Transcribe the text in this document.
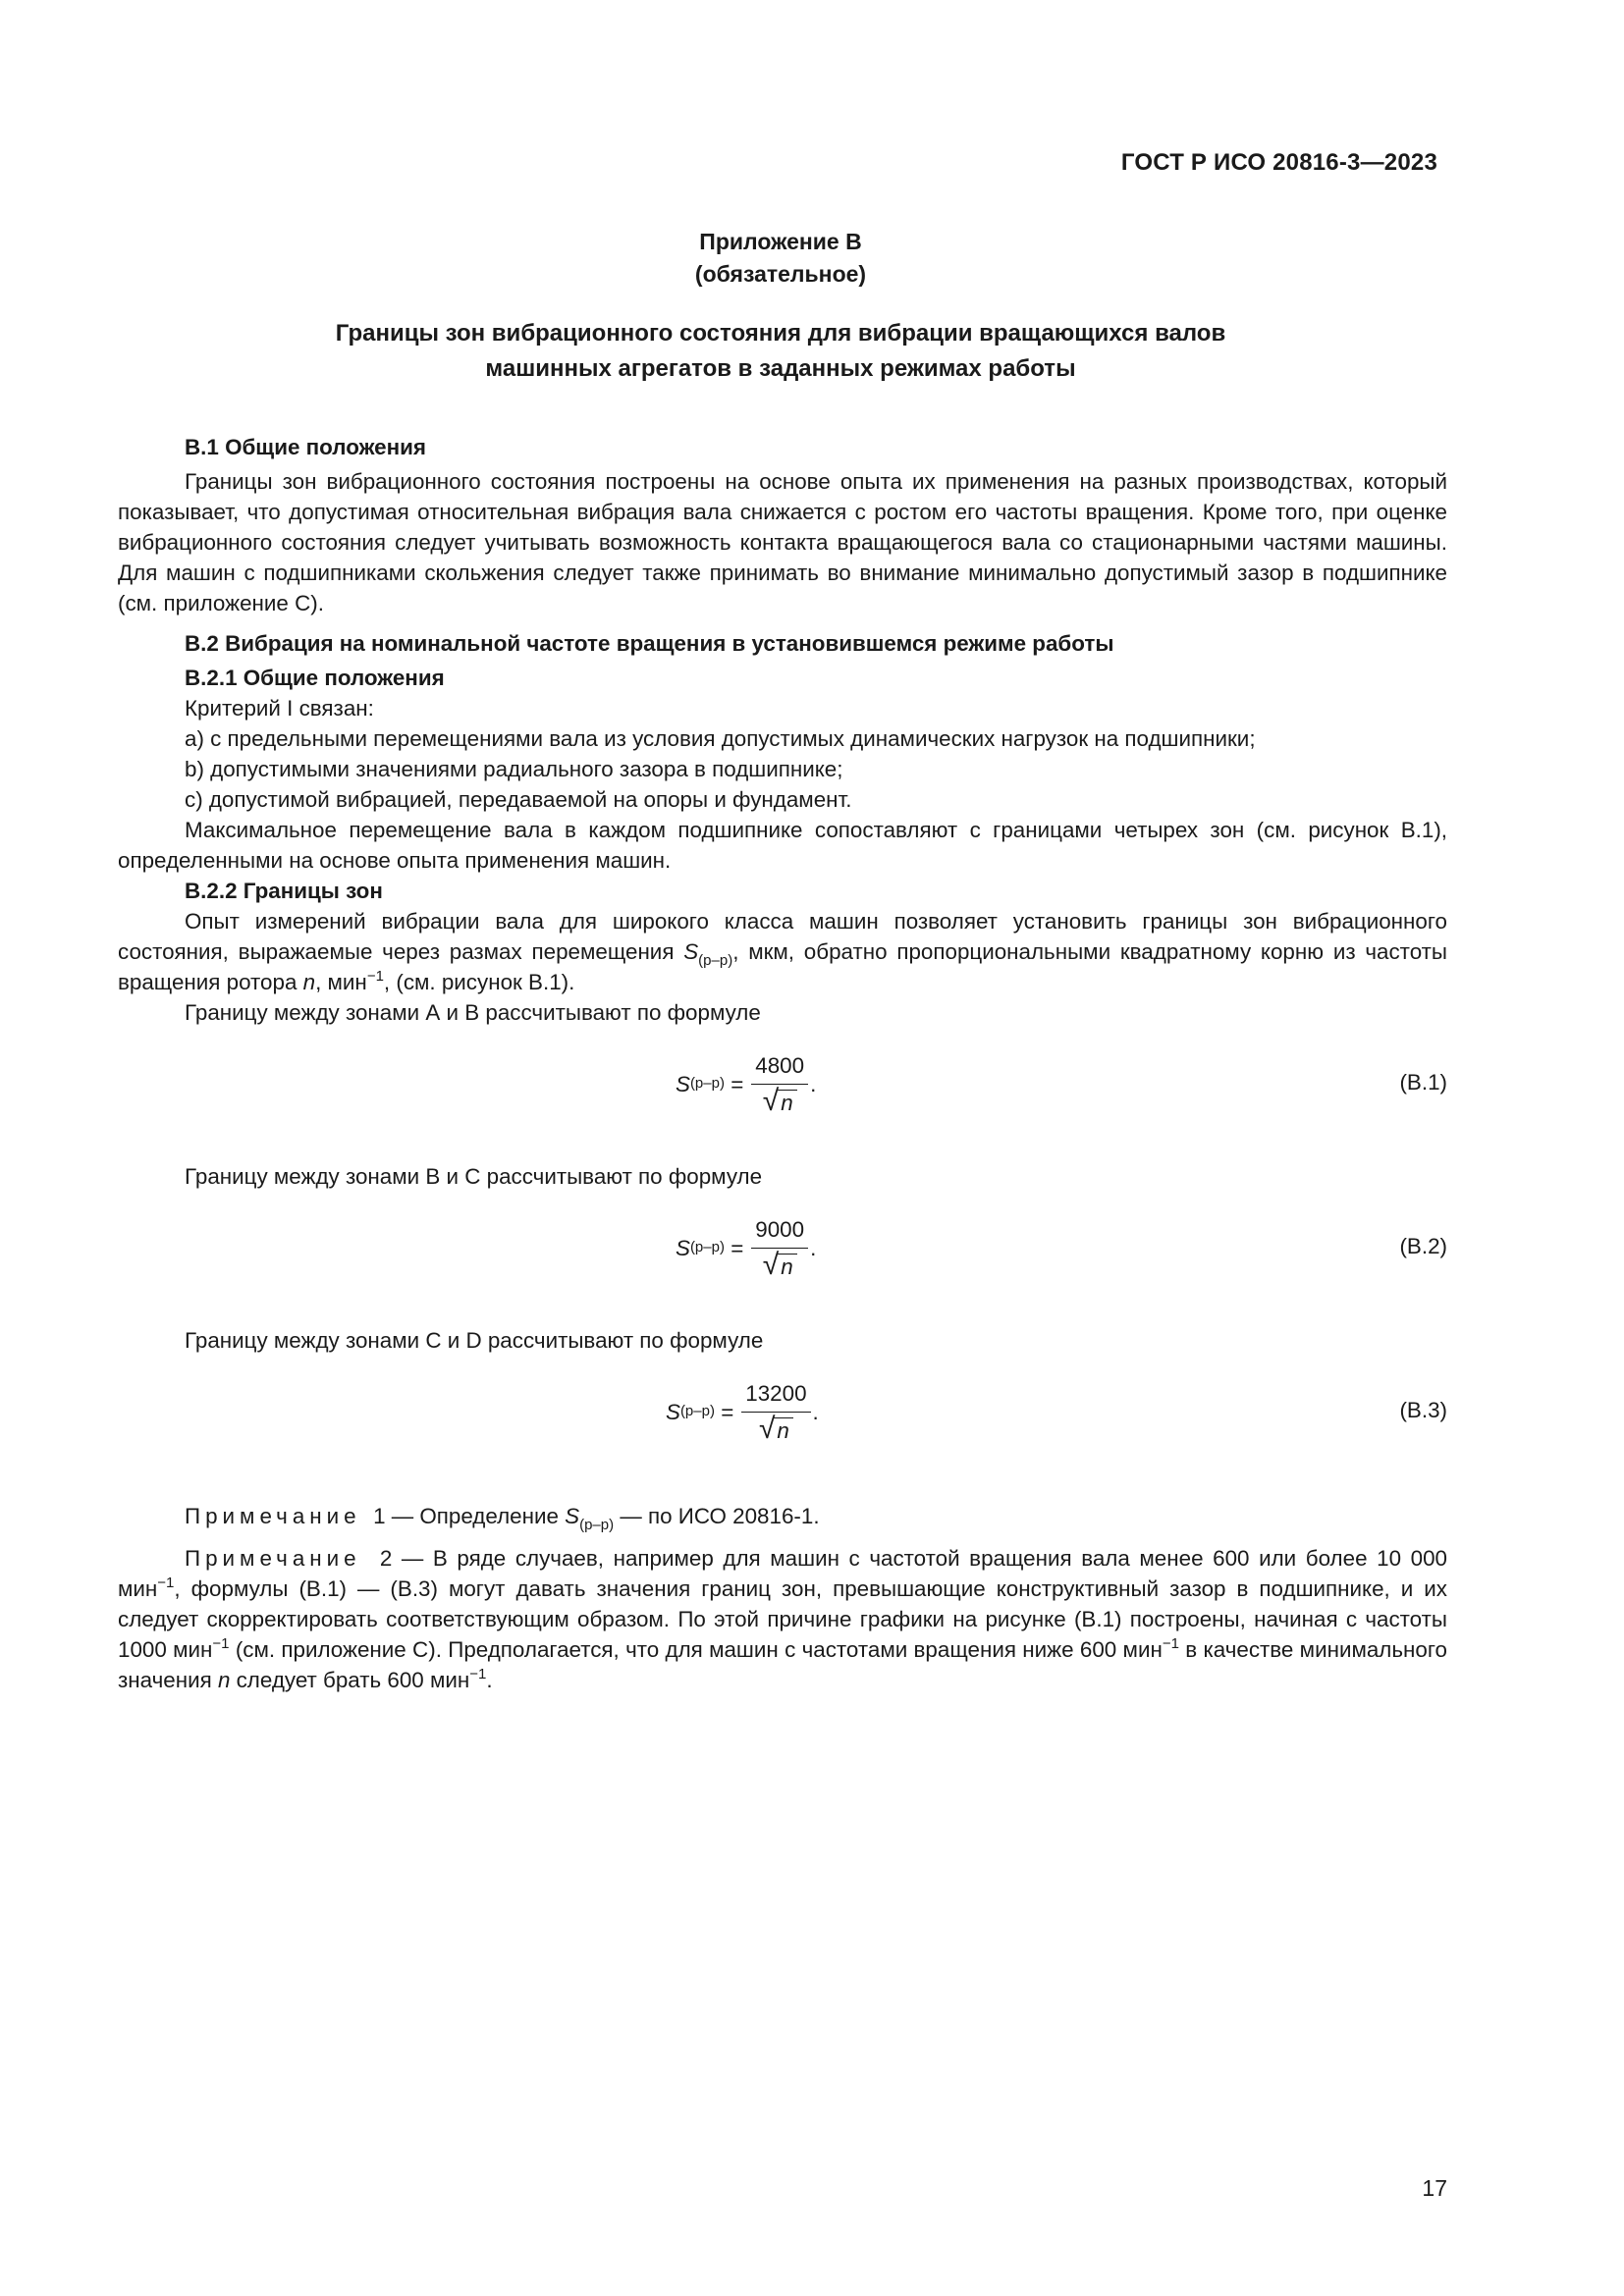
ГОСТ Р ИСО 20816-3—2023
Приложение В
(обязательное)
Границы зон вибрационного состояния для вибрации вращающихся валов
машинных агрегатов в заданных режимах работы

В.1 Общие положения

Границы зон вибрационного состояния построены на основе опыта их применения на разных производствах, который показывает, что допустимая относительная вибрация вала снижается с ростом его частоты вращения. Кроме того, при оценке вибрационного состояния следует учитывать возможность контакта вращающегося вала со стационарными частями машины. Для машин с подшипниками скольжения следует также принимать во внимание минимально допустимый зазор в подшипнике (см. приложение С).

В.2 Вибрация на номинальной частоте вращения в установившемся режиме работы

В.2.1 Общие положения

Критерий I связан:

a) с предельными перемещениями вала из условия допустимых динамических нагрузок на подшипники;

b) допустимыми значениями радиального зазора в подшипнике;

c) допустимой вибрацией, передаваемой на опоры и фундамент.

Максимальное перемещение вала в каждом подшипнике сопоставляют с границами четырех зон (см. рисунок В.1), определенными на основе опыта применения машин.

В.2.2 Границы зон

Опыт измерений вибрации вала для широкого класса машин позволяет установить границы зон вибрационного состояния, выражаемые через размах перемещения $S_{(р-р)}$, мкм, обратно пропорциональными квадратному корню из частоты вращения ротора n, мин$^{-1}$, (см. рисунок В.1).

Границу между зонами А и В рассчитывают по формуле

S (р–р)
= $\frac{4800}{√ n}$ .	(В.1)

Границу между зонами В и С рассчитывают по формуле

S (р–р)
= $\frac{9000}{√ n}$ .	(В.2)

Границу между зонами С и D рассчитывают по формуле

S (р–р)
= $\frac{13200}{√ n}$ .	(В.3)

Примечание 1 — Определение $S_{(р-р)}$ — по ИСО 20816-1.

Примечание 2 — В ряде случаев, например для машин с частотой вращения вала менее 600 или более 10 000 мин$^{-1}$, формулы (В.1) — (В.3) могут давать значения границ зон, превышающие конструктивный зазор в подшипнике, и их следует скорректировать соответствующим образом. По этой причине графики на рисунке (В.1) построены, начиная с частоты 1000 мин$^{-1}$ (см. приложение С). Предполагается, что для машин с частотами вращения ниже 600 мин$^{-1}$ в качестве минимального значения n следует брать 600 мин$^{-1}$.

17
